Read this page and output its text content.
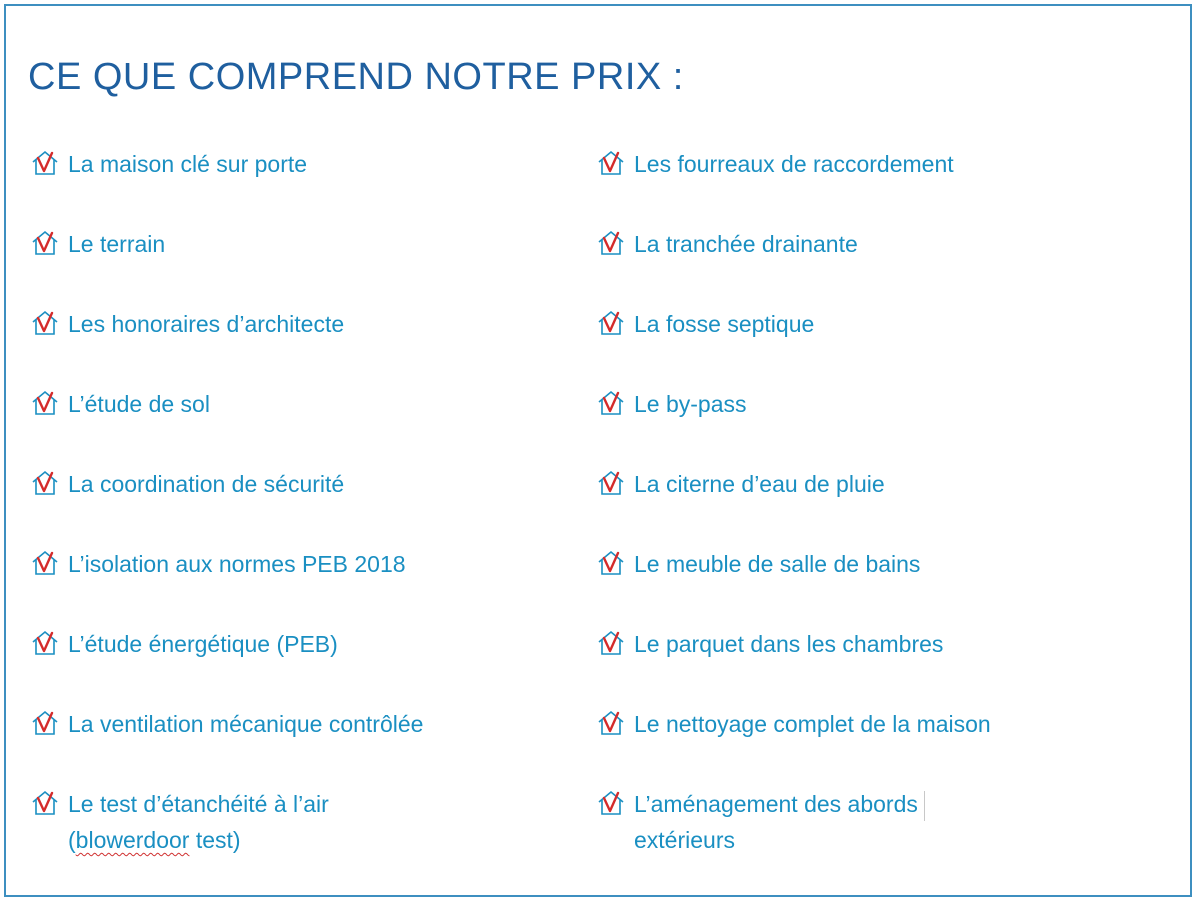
CE QUE COMPREND NOTRE PRIX :
La maison clé sur porte
Le terrain
Les honoraires d’architecte
L’étude de sol
La coordination de sécurité
L’isolation aux normes PEB 2018
L’étude énergétique (PEB)
La ventilation mécanique contrôlée
Le test d’étanchéité à l’air
(blowerdoor test)
Les fourreaux de raccordement
La tranchée drainante
La fosse septique
Le by-pass
La citerne d’eau de pluie
Le meuble de salle de bains
Le parquet dans les chambres
Le nettoyage complet de la maison
L’aménagement des abords
extérieurs
